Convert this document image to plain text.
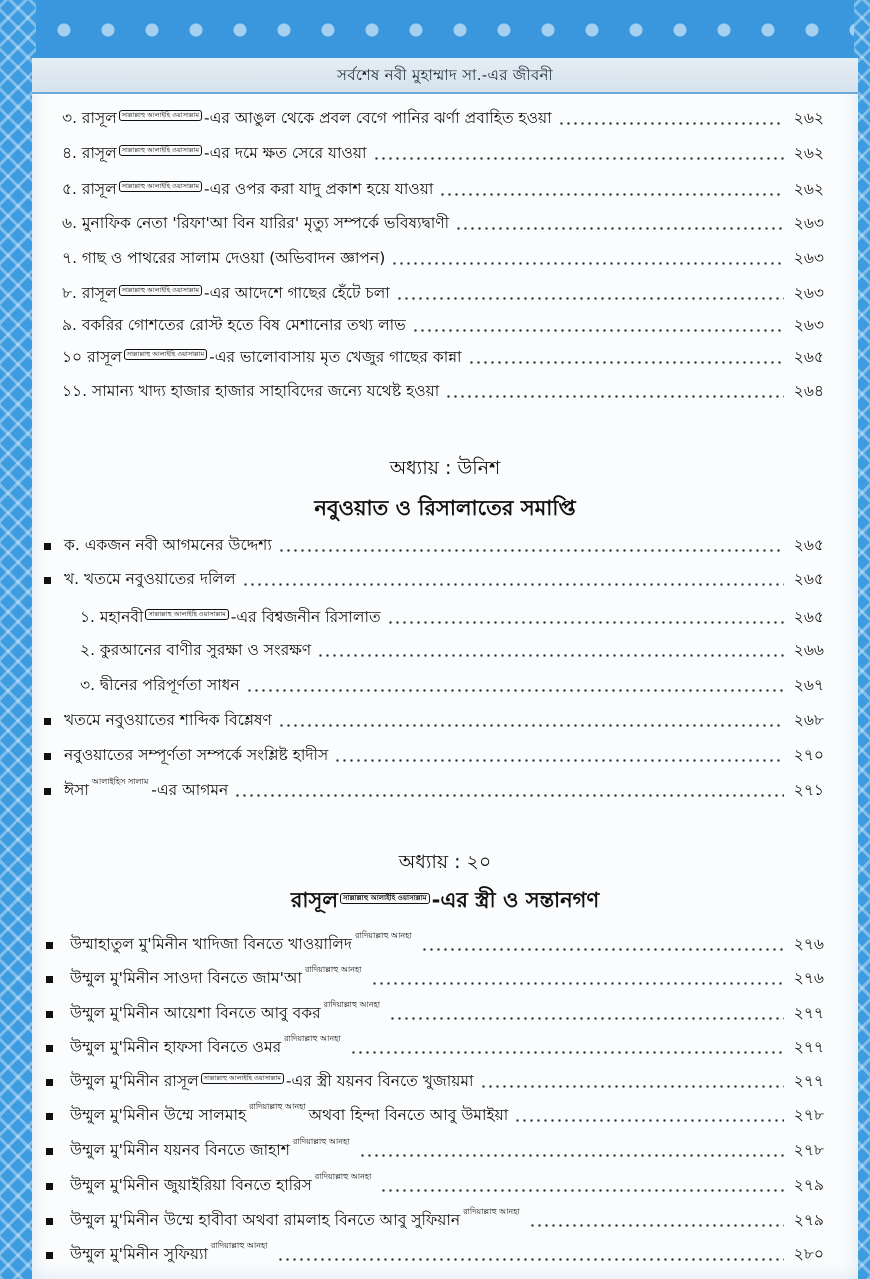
সর্বশেষ নবী মুহাম্মাদ সা.-এর জীবনী
৩. রাসূল সাল্লাল্লাহু আলাইহি ওয়াসাল্লাম -এর আঙুল থেকে প্রবল বেগে পানির ঝর্ণা প্রবাহিত হওয়া	২৬২
৪. রাসূল সাল্লাল্লাহু আলাইহি ওয়াসাল্লাম -এর দমে ক্ষত সেরে যাওয়া	২৬২
৫. রাসূল সাল্লাল্লাহু আলাইহি ওয়াসাল্লাম -এর ওপর করা যাদু প্রকাশ হয়ে যাওয়া	২৬২
৬. মুনাফিক নেতা 'রিফা'আ বিন যারির' মৃত্যু সম্পর্কে ভবিষ্যদ্বাণী	২৬৩
৭. গাছ ও পাথরের সালাম দেওয়া (অভিবাদন জ্ঞাপন)	২৬৩
৮. রাসূল সাল্লাল্লাহু আলাইহি ওয়াসাল্লাম -এর আদেশে গাছের হেঁটে চলা	২৬৩
৯. বকরির গোশতের রোস্ট হতে বিষ মেশানোর তথ্য লাভ	২৬৩
১০ রাসূল সাল্লাল্লাহু আলাইহি ওয়াসাল্লাম -এর ভালোবাসায় মৃত খেজুর গাছের কান্না	২৬৫
১১. সামান্য খাদ্য হাজার হাজার সাহাবিদের জন্যে যথেষ্ট হওয়া	২৬৪
অধ্যায় : উনিশ
নবুওয়াত ও রিসালাতের সমাপ্তি
ক. একজন নবী আগমনের উদ্দেশ্য	২৬৫
খ. খতমে নবুওয়াতের দলিল	২৬৫
১. মহানবী সাল্লাল্লাহু আলাইহি ওয়াসাল্লাম -এর বিশ্বজনীন রিসালাত	২৬৫
২. কুরআনের বাণীর সুরক্ষা ও সংরক্ষণ	২৬৬
৩. দ্বীনের পরিপূর্ণতা সাধন	২৬৭
খতমে নবুওয়াতের শাব্দিক বিশ্লেষণ	২৬৮
নবুওয়াতের সম্পূর্ণতা সম্পর্কে সংশ্লিষ্ট হাদীস	২৭০
ঈসা আলাইহিস সালাম -এর আগমন	২৭১
অধ্যায় : ২০
রাসূল সাল্লাল্লাহু আলাইহি ওয়াসাল্লাম -এর স্ত্রী ও সন্তানগণ
উম্মাহাতুল মু'মিনীন খাদিজা বিনতে খাওয়ালিদ রাদিয়াল্লাহু আনহা	২৭৬
উম্মুল মু'মিনীন সাওদা বিনতে জাম'আ রাদিয়াল্লাহু আনহা	২৭৬
উম্মুল মু'মিনীন আয়েশা বিনতে আবু বকর রাদিয়াল্লাহু আনহা	২৭৭
উম্মুল মু'মিনীন হাফসা বিনতে ওমর রাদিয়াল্লাহু আনহা	২৭৭
উম্মুল মু'মিনীন রাসূল সাল্লাল্লাহু আলাইহি ওয়াসাল্লাম -এর স্ত্রী যয়নব বিনতে খুজায়মা	২৭৭
উম্মুল মু'মিনীন উম্মে সালমাহ রাদিয়াল্লাহু আনহা অথবা হিন্দা বিনতে আবু উমাইয়া	২৭৮
উম্মুল মু'মিনীন যয়নব বিনতে জাহাশ রাদিয়াল্লাহু আনহা	২৭৮
উম্মুল মু'মিনীন জুয়াইরিয়া বিনতে হারিস রাদিয়াল্লাহু আনহা	২৭৯
উম্মুল মু'মিনীন উম্মে হাবীবা অথবা রামলাহ বিনতে আবু সুফিয়ান রাদিয়াল্লাহু আনহা	২৭৯
উম্মুল মু'মিনীন সুফিয়্যা রাদিয়াল্লাহু আনহা	২৮০
